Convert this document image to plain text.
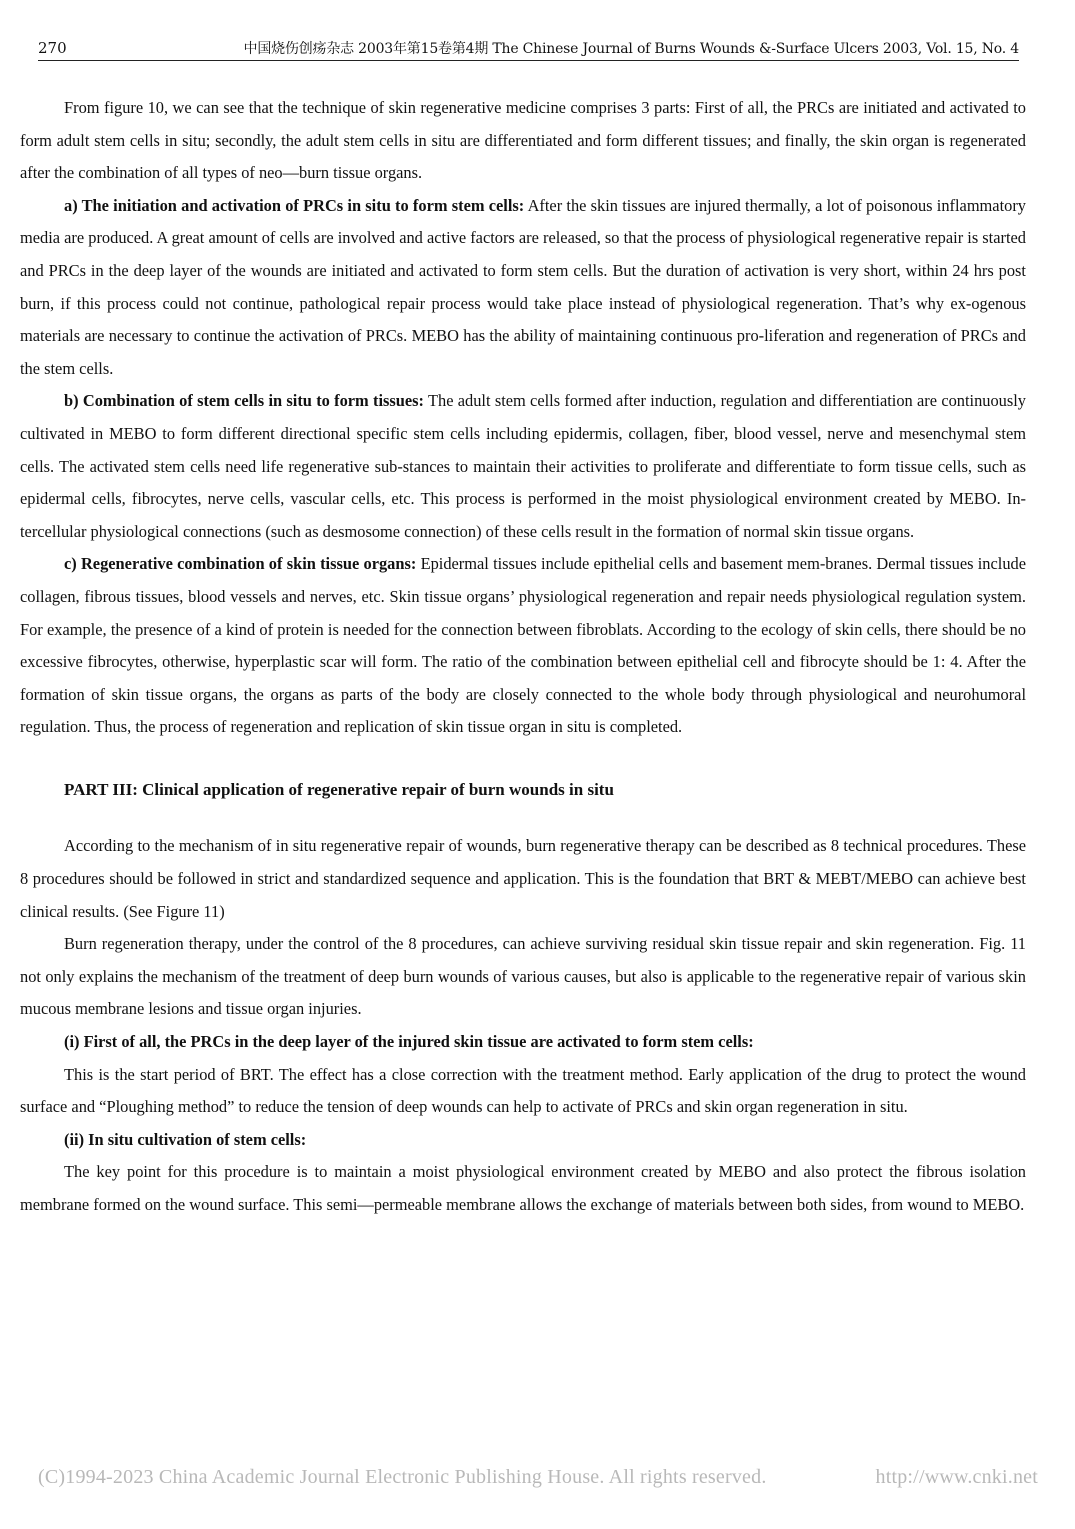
270	中国烧伤创疡杂志 2003年第15卷第4期 The Chinese Journal of Burns Wounds &-Surface Ulcers 2003, Vol. 15, No. 4

From figure 10, we can see that the technique of skin regenerative medicine comprises 3 parts: First of all, the PRCs are initiated and activated to form adult stem cells in situ; secondly, the adult stem cells in situ are differentiated and form different tissues; and finally, the skin organ is regenerated after the combination of all types of neo—burn tissue organs.

a) The initiation and activation of PRCs in situ to form stem cells: After the skin tissues are injured thermally, a lot of poisonous inflammatory media are produced. A great amount of cells are involved and active factors are released, so that the process of physiological regenerative repair is started and PRCs in the deep layer of the wounds are initiated and activated to form stem cells. But the duration of activation is very short, within 24 hrs post burn, if this process could not continue, pathological repair process would take place instead of physiological regeneration. That’s why ex-ogenous materials are necessary to continue the activation of PRCs. MEBO has the ability of maintaining continuous pro-liferation and regeneration of PRCs and the stem cells.

b) Combination of stem cells in situ to form tissues: The adult stem cells formed after induction, regulation and differentiation are continuously cultivated in MEBO to form different directional specific stem cells including epidermis, collagen, fiber, blood vessel, nerve and mesenchymal stem cells. The activated stem cells need life regenerative sub-stances to maintain their activities to proliferate and differentiate to form tissue cells, such as epidermal cells, fibrocytes, nerve cells, vascular cells, etc. This process is performed in the moist physiological environment created by MEBO. In-tercellular physiological connections (such as desmosome connection) of these cells result in the formation of normal skin tissue organs.

c) Regenerative combination of skin tissue organs: Epidermal tissues include epithelial cells and basement mem-branes. Dermal tissues include collagen, fibrous tissues, blood vessels and nerves, etc. Skin tissue organs’ physiological regeneration and repair needs physiological regulation system. For example, the presence of a kind of protein is needed for the connection between fibroblats. According to the ecology of skin cells, there should be no excessive fibrocytes, otherwise, hyperplastic scar will form. The ratio of the combination between epithelial cell and fibrocyte should be 1: 4. After the formation of skin tissue organs, the organs as parts of the body are closely connected to the whole body through physiological and neurohumoral regulation. Thus, the process of regeneration and replication of skin tissue organ in situ is completed.

PART III: Clinical application of regenerative repair of burn wounds in situ

According to the mechanism of in situ regenerative repair of wounds, burn regenerative therapy can be described as 8 technical procedures. These 8 procedures should be followed in strict and standardized sequence and application. This is the foundation that BRT & MEBT/MEBO can achieve best clinical results. (See Figure 11)

Burn regeneration therapy, under the control of the 8 procedures, can achieve surviving residual skin tissue repair and skin regeneration. Fig. 11 not only explains the mechanism of the treatment of deep burn wounds of various causes, but also is applicable to the regenerative repair of various skin mucous membrane lesions and tissue organ injuries.

(i) First of all, the PRCs in the deep layer of the injured skin tissue are activated to form stem cells:

This is the start period of BRT. The effect has a close correction with the treatment method. Early application of the drug to protect the wound surface and “Ploughing method” to reduce the tension of deep wounds can help to activate of PRCs and skin organ regeneration in situ.

(ii) In situ cultivation of stem cells:

The key point for this procedure is to maintain a moist physiological environment created by MEBO and also protect the fibrous isolation membrane formed on the wound surface. This semi—permeable membrane allows the exchange of materials between both sides, from wound to MEBO.

(C)1994-2023 China Academic Journal Electronic Publishing House. All rights reserved.	http://www.cnki.net
